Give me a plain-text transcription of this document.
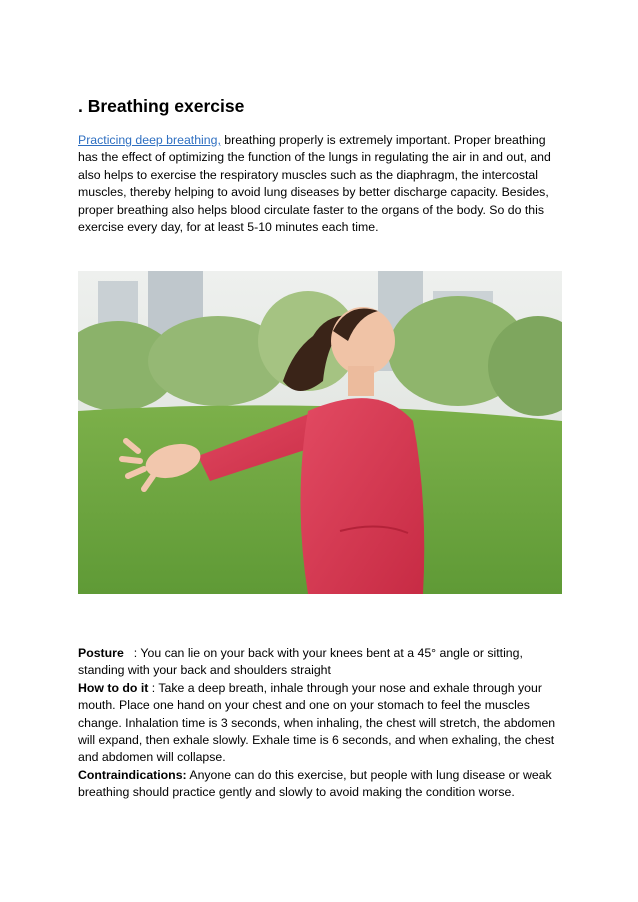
. Breathing exercise

Practicing deep breathing, breathing properly is extremely important. Proper breathing has the effect of optimizing the function of the lungs in regulating the air in and out, and also helps to exercise the respiratory muscles such as the diaphragm, the intercostal muscles, thereby helping to avoid lung diseases by better discharge capacity. Besides, proper breathing also helps blood circulate faster to the organs of the body. So do this exercise every day, for at least 5-10 minutes each time.

Posture : You can lie on your back with your knees bent at a 45° angle or sitting, standing with your back and shoulders straight

How to do it : Take a deep breath, inhale through your nose and exhale through your mouth. Place one hand on your chest and one on your stomach to feel the muscles change. Inhalation time is 3 seconds, when inhaling, the chest will stretch, the abdomen will expand, then exhale slowly. Exhale time is 6 seconds, and when exhaling, the chest and abdomen will collapse.

Contraindications: Anyone can do this exercise, but people with lung disease or weak breathing should practice gently and slowly to avoid making the condition worse.
